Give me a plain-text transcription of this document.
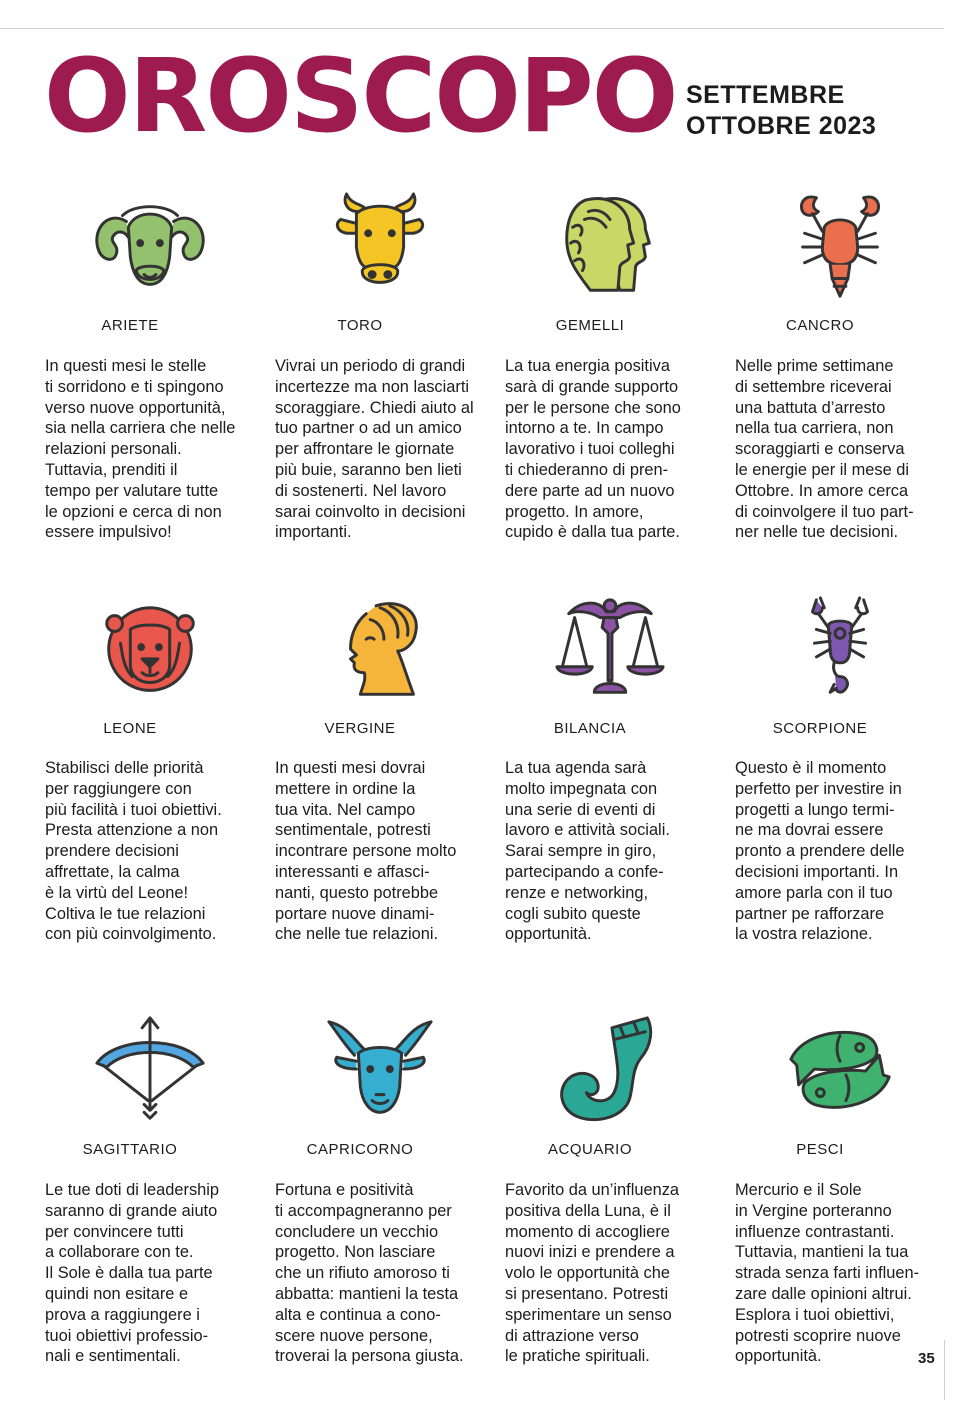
OROSCOPO SETTEMBRE
OTTOBRE 2023
ARIETE

In questi mesi le stelle
ti sorridono e ti spingono
verso nuove opportunità,
sia nella carriera che nelle
relazioni personali.
Tuttavia, prenditi il
tempo per valutare tutte
le opzioni e cerca di non
essere impulsivo!

TORO

Vivrai un periodo di grandi
incertezze ma non lasciarti
scoraggiare. Chiedi aiuto al
tuo partner o ad un amico
per affrontare le giornate
più buie, saranno ben lieti
di sostenerti. Nel lavoro
sarai coinvolto in decisioni
importanti.

GEMELLI

La tua energia positiva
sarà di grande supporto
per le persone che sono
intorno a te. In campo
lavorativo i tuoi colleghi
ti chiederanno di pren-
dere parte ad un nuovo
progetto. In amore,
cupido è dalla tua parte.

CANCRO

Nelle prime settimane
di settembre riceverai
una battuta d’arresto
nella tua carriera, non
scoraggiarti e conserva
le energie per il mese di
Ottobre. In amore cerca
di coinvolgere il tuo part-
ner nelle tue decisioni.

LEONE

Stabilisci delle priorità
per raggiungere con
più facilità i tuoi obiettivi.
Presta attenzione a non
prendere decisioni
affrettate, la calma
è la virtù del Leone!
Coltiva le tue relazioni
con più coinvolgimento.

VERGINE

In questi mesi dovrai
mettere in ordine la
tua vita. Nel campo
sentimentale, potresti
incontrare persone molto
interessanti e affasci-
nanti, questo potrebbe
portare nuove dinami-
che nelle tue relazioni.

BILANCIA

La tua agenda sarà
molto impegnata con
una serie di eventi di
lavoro e attività sociali.
Sarai sempre in giro,
partecipando a confe-
renze e networking,
cogli subito queste
opportunità.

SCORPIONE

Questo è il momento
perfetto per investire in
progetti a lungo termi-
ne ma dovrai essere
pronto a prendere delle
decisioni importanti. In
amore parla con il tuo
partner pe rafforzare
la vostra relazione.

SAGITTARIO

Le tue doti di leadership
saranno di grande aiuto
per convincere tutti
a collaborare con te.
Il Sole è dalla tua parte
quindi non esitare e
prova a raggiungere i
tuoi obiettivi professio-
nali e sentimentali.

CAPRICORNO

Fortuna e positività
ti accompagneranno per
concludere un vecchio
progetto. Non lasciare
che un rifiuto amoroso ti
abbatta: mantieni la testa
alta e continua a cono-
scere nuove persone,
troverai la persona giusta.

ACQUARIO

Favorito da un’influenza
positiva della Luna, è il
momento di accogliere
nuovi inizi e prendere a
volo le opportunità che
si presentano. Potresti
sperimentare un senso
di attrazione verso
le pratiche spirituali.

PESCI

Mercurio e il Sole
in Vergine porteranno
influenze contrastanti.
Tuttavia, mantieni la tua
strada senza farti influen-
zare dalle opinioni altrui.
Esplora i tuoi obiettivi,
potresti scoprire nuove
opportunità.	35
